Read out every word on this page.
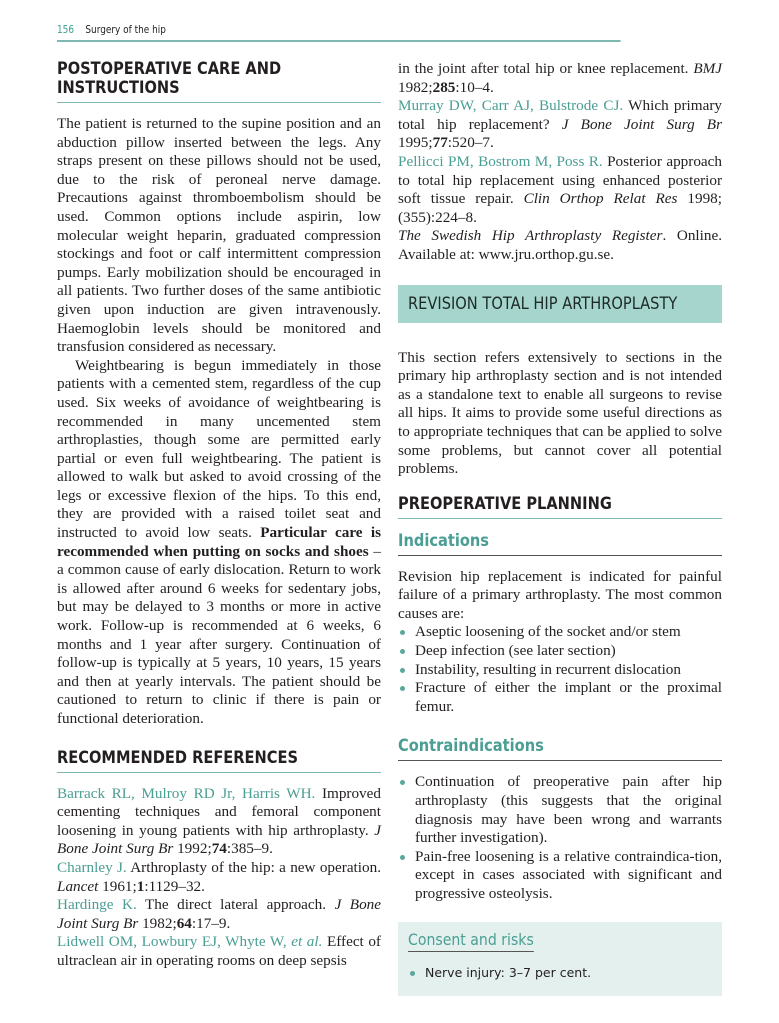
156 Surgery of the hip
POSTOPERATIVE CARE AND INSTRUCTIONS

The patient is returned to the supine position and an abduction pillow inserted between the legs. Any straps present on these pillows should not be used, due to the risk of peroneal nerve damage. Precautions against thromboembolism should be used. Common options include aspirin, low molecular weight heparin, graduated compression stockings and foot or calf intermittent compression pumps. Early mobilization should be encouraged in all patients. Two further doses of the same antibiotic given upon induction are given intravenously. Haemoglobin levels should be monitored and transfusion considered as necessary.

Weightbearing is begun immediately in those patients with a cemented stem, regardless of the cup used. Six weeks of avoidance of weightbearing is recommended in many uncemented stem arthroplasties, though some are permitted early partial or even full weightbearing. The patient is allowed to walk but asked to avoid crossing of the legs or excessive flexion of the hips. To this end, they are provided with a raised toilet seat and instructed to avoid low seats. Particular care is recommended when putting on socks and shoes – a common cause of early dislocation. Return to work is allowed after around 6 weeks for sedentary jobs, but may be delayed to 3 months or more in active work. Follow-up is recommended at 6 weeks, 6 months and 1 year after surgery. Continuation of follow-up is typically at 5 years, 10 years, 15 years and then at yearly intervals. The patient should be cautioned to return to clinic if there is pain or functional deterioration.

RECOMMENDED REFERENCES

Barrack RL, Mulroy RD Jr, Harris WH. Improved cementing techniques and femoral component loosening in young patients with hip arthroplasty. J Bone Joint Surg Br 1992;74:385–9.

Charnley J. Arthroplasty of the hip: a new operation. Lancet 1961;1:1129–32.

Hardinge K. The direct lateral approach. J Bone Joint Surg Br 1982;64:17–9.

Lidwell OM, Lowbury EJ, Whyte W, et al. Effect of ultraclean air in operating rooms on deep sepsis

in the joint after total hip or knee replacement. BMJ 1982;285:10–4.

Murray DW, Carr AJ, Bulstrode CJ. Which primary total hip replacement? J Bone Joint Surg Br 1995;77:520–7.

Pellicci PM, Bostrom M, Poss R. Posterior approach to total hip replacement using enhanced posterior soft tissue repair. Clin Orthop Relat Res 1998;(355):224–8.

The Swedish Hip Arthroplasty Register. Online. Available at: www.jru.orthop.gu.se.

REVISION TOTAL HIP ARTHROPLASTY

This section refers extensively to sections in the primary hip arthroplasty section and is not intended as a standalone text to enable all surgeons to revise all hips. It aims to provide some useful directions as to appropriate techniques that can be applied to solve some problems, but cannot cover all potential problems.

PREOPERATIVE PLANNING
Indications

Revision hip replacement is indicated for painful failure of a primary arthroplasty. The most common causes are:

Aseptic loosening of the socket and/or stem
Deep infection (see later section)
Instability, resulting in recurrent dislocation
Fracture of either the implant or the proximal femur.
Contraindications
Continuation of preoperative pain after hip arthroplasty (this suggests that the original diagnosis may have been wrong and warrants further investigation).
Pain-free loosening is a relative contraindica-tion, except in cases associated with significant and progressive osteolysis.
Consent and risks
Nerve injury: 3–7 per cent.
